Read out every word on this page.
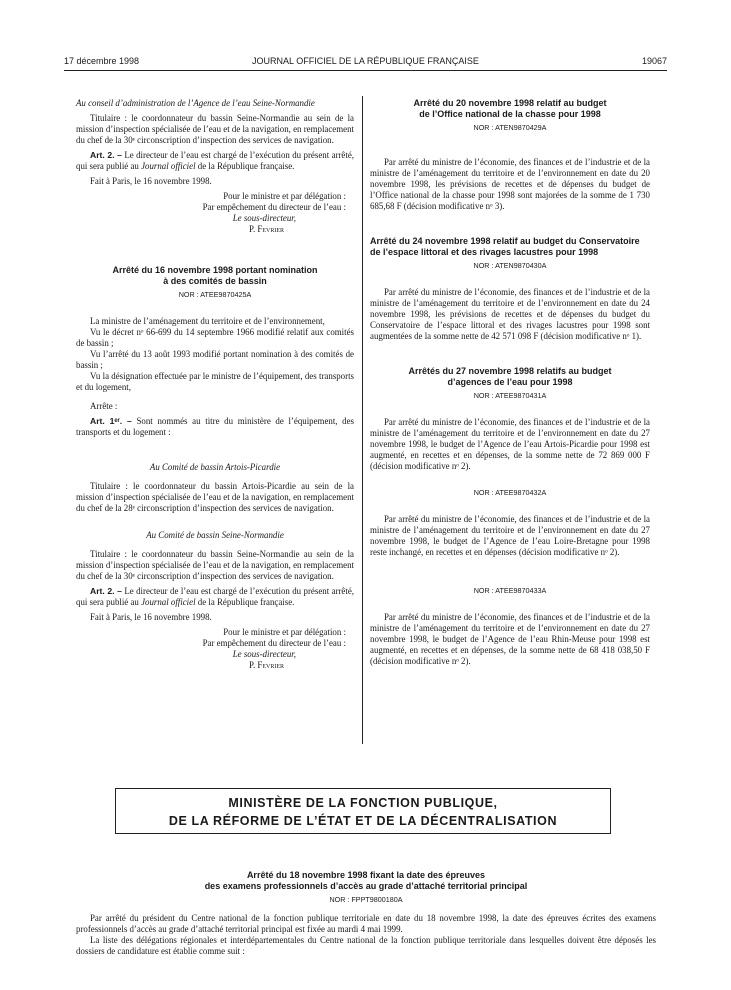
17 décembre 1998	JOURNAL OFFICIEL DE LA RÉPUBLIQUE FRANÇAISE	19067

Au conseil d’administration de l’Agence de l’eau Seine-Normandie

Titulaire : le coordonnateur du bassin Seine-Normandie au sein de la mission d’inspection spécialisée de l’eau et de la navigation, en remplacement du chef de la 30ᵉ circonscription d’inspection des services de navigation.

Art. 2. – Le directeur de l’eau est chargé de l’exécution du présent arrêté, qui sera publié au Journal officiel de la République française.

Fait à Paris, le 16 novembre 1998.

Pour le ministre et par délégation :
Par empêchement du directeur de l’eau :
Le sous-directeur,
P. Fevrier
Arrêté du 16 novembre 1998 portant nomination
à des comités de bassin
NOR : ATEE9870425A

La ministre de l’aménagement du territoire et de l’environnement,

Vu le décret nᵒ 66-699 du 14 septembre 1966 modifié relatif aux comités de bassin ;

Vu l’arrêté du 13 août 1993 modifié portant nomination à des comités de bassin ;

Vu la désignation effectuée par le ministre de l’équipement, des transports et du logement,

Arrête :

Art. 1ᵉʳ. – Sont nommés au titre du ministère de l’équipement, des transports et du logement :

Au Comité de bassin Artois-Picardie

Titulaire : le coordonnateur du bassin Artois-Picardie au sein de la mission d’inspection spécialisée de l’eau et de la navigation, en remplacement du chef de la 28ᵉ circonscription d’inspection des services de navigation.

Au Comité de bassin Seine-Normandie

Titulaire : le coordonnateur du bassin Seine-Normandie au sein de la mission d’inspection spécialisée de l’eau et de la navigation, en remplacement du chef de la 30ᵉ circonscription d’inspection des services de navigation.

Art. 2. – Le directeur de l’eau est chargé de l’exécution du présent arrêté, qui sera publié au Journal officiel de la République française.

Fait à Paris, le 16 novembre 1998.

Pour le ministre et par délégation :
Par empêchement du directeur de l’eau :
Le sous-directeur,
P. Fevrier
Arrêté du 20 novembre 1998 relatif au budget
de l’Office national de la chasse pour 1998
NOR : ATEN9870429A

Par arrêté du ministre de l’économie, des finances et de l’industrie et de la ministre de l’aménagement du territoire et de l’environnement en date du 20 novembre 1998, les prévisions de recettes et de dépenses du budget de l’Office national de la chasse pour 1998 sont majorées de la somme de 1 730 685,68 F (décision modificative nᵒ 3).

Arrêté du 24 novembre 1998 relatif au budget du Conservatoire de l’espace littoral et des rivages lacustres pour 1998
NOR : ATEN9870430A

Par arrêté du ministre de l’économie, des finances et de l’industrie et de la ministre de l’aménagement du territoire et de l’environnement en date du 24 novembre 1998, les prévisions de recettes et de dépenses du budget du Conservatoire de l’espace littoral et des rivages lacustres pour 1998 sont augmentées de la somme nette de 42 571 098 F (décision modificative nᵒ 1).

Arrêtés du 27 novembre 1998 relatifs au budget
d’agences de l’eau pour 1998
NOR : ATEE9870431A

Par arrêté du ministre de l’économie, des finances et de l’industrie et de la ministre de l’aménagement du territoire et de l’environnement en date du 27 novembre 1998, le budget de l’Agence de l’eau Artois-Picardie pour 1998 est augmenté, en recettes et en dépenses, de la somme nette de 72 869 000 F (décision modificative nᵒ 2).

NOR : ATEE9870432A

Par arrêté du ministre de l’économie, des finances et de l’industrie et de la ministre de l’aménagement du territoire et de l’environnement en date du 27 novembre 1998, le budget de l’Agence de l’eau Loire-Bretagne pour 1998 reste inchangé, en recettes et en dépenses (décision modificative nᵒ 2).

NOR : ATEE9870433A

Par arrêté du ministre de l’économie, des finances et de l’industrie et de la ministre de l’aménagement du territoire et de l’environnement en date du 27 novembre 1998, le budget de l’Agence de l’eau Rhin-Meuse pour 1998 est augmenté, en recettes et en dépenses, de la somme nette de 68 418 038,50 F (décision modificative nᵒ 2).

MINISTÈRE DE LA FONCTION PUBLIQUE,
DE LA RÉFORME DE L’ÉTAT ET DE LA DÉCENTRALISATION
Arrêté du 18 novembre 1998 fixant la date des épreuves
des examens professionnels d’accès au grade d’attaché territorial principal
NOR : FPPT9800180A

Par arrêté du président du Centre national de la fonction publique territoriale en date du 18 novembre 1998, la date des épreuves écrites des examens professionnels d’accès au grade d’attaché territorial principal est fixée au mardi 4 mai 1999.

La liste des délégations régionales et interdépartementales du Centre national de la fonction publique territoriale dans lesquelles doivent être déposés les dossiers de candidature est établie comme suit :
